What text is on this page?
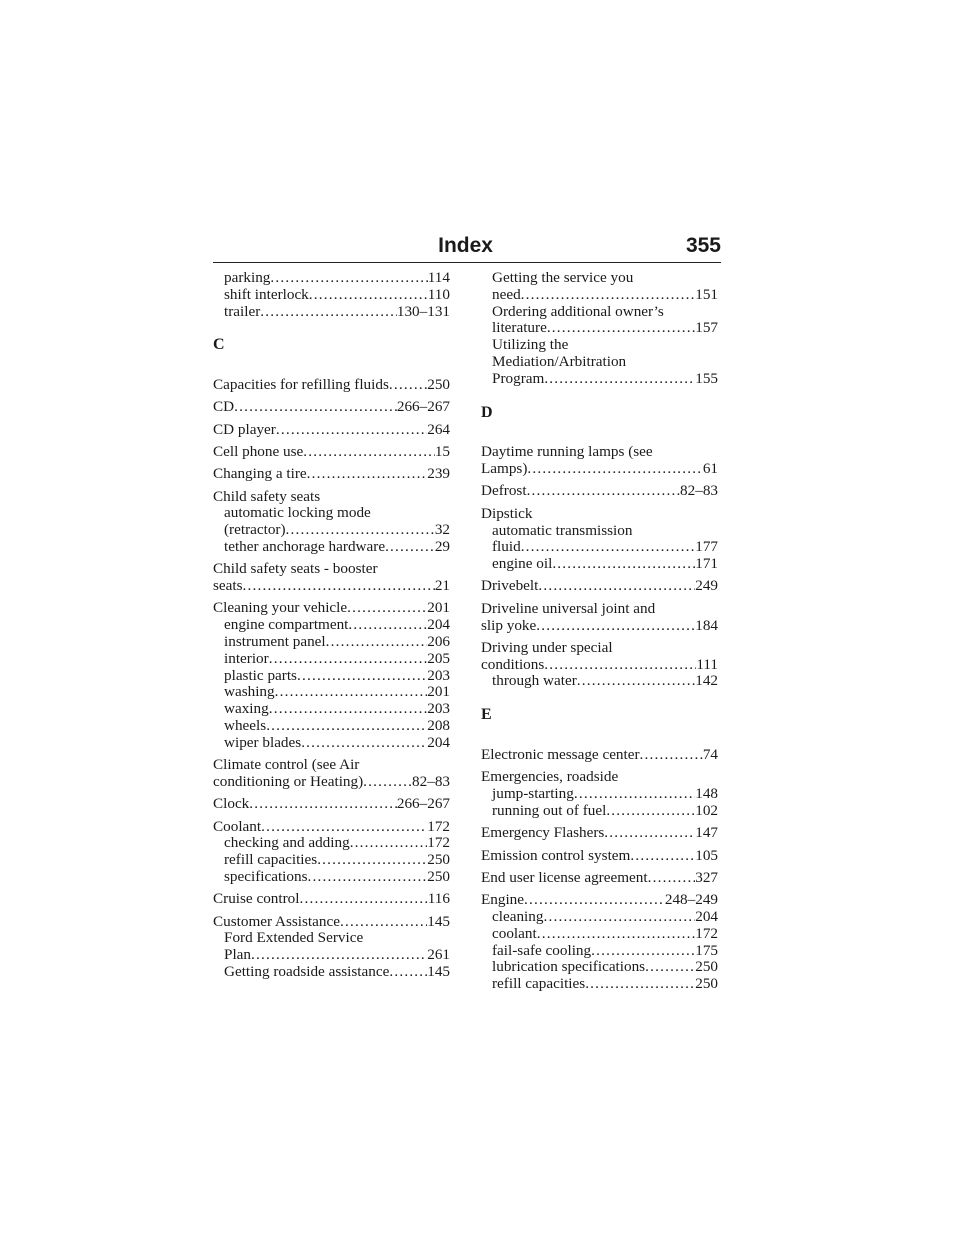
Index	355
parking .....	114
shift interlock .....	110
trailer .....	130–131
C
Capacities for refilling fluids .....	250
CD .....	266–267
CD player .....	264
Cell phone use .....	15
Changing a tire .....	239
Child safety seats
automatic locking mode
(retractor) .....	32
tether anchorage hardware .....	29
Child safety seats - booster
seats .....	21
Cleaning your vehicle .....	201
engine compartment .....	204
instrument panel .....	206
interior .....	205
plastic parts .....	203
washing .....	201
waxing .....	203
wheels .....	208
wiper blades .....	204
Climate control (see Air
conditioning or Heating) .....	82–83
Clock .....	266–267
Coolant .....	172
checking and adding .....	172
refill capacities .....	250
specifications .....	250
Cruise control .....	116
Customer Assistance .....	145
Ford Extended Service
Plan .....	261
Getting roadside assistance ..... 145
Getting the service you
need .....	151
Ordering additional owner’s
literature .....	157
Utilizing the
Mediation/Arbitration
Program .....	155
D
Daytime running lamps (see
Lamps) .....	61
Defrost .....	82–83
Dipstick
automatic transmission
fluid .....	177
engine oil .....	171
Drivebelt .....	249
Driveline universal joint and
slip yoke .....	184
Driving under special
conditions .....	111
through water .....	142
E
Electronic message center .....	74
Emergencies, roadside
jump-starting .....	148
running out of fuel .....	102
Emergency Flashers .....	147
Emission control system .....	105
End user license agreement .....	327
Engine .....	248–249
cleaning .....	204
coolant .....	172
fail-safe cooling .....	175
lubrication specifications .....	250
refill capacities .....	250
